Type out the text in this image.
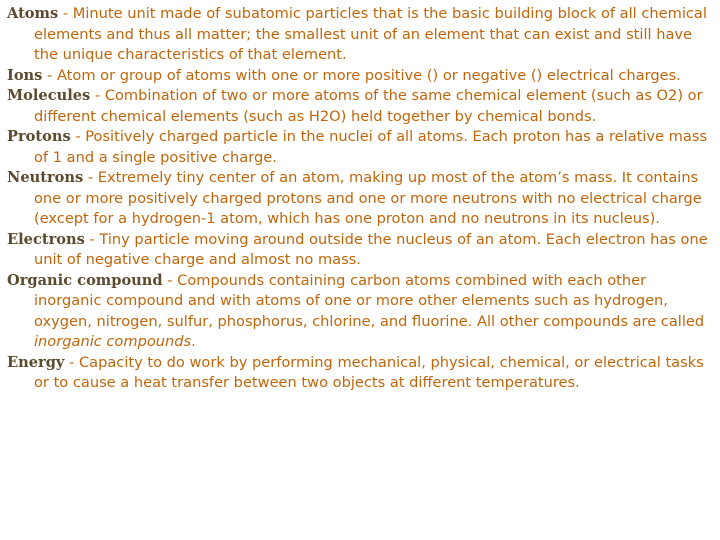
Atoms - Minute unit made of subatomic particles that is the basic building block of all chemical elements and thus all matter; the smallest unit of an element that can exist and still have the unique characteristics of that element.

Ions - Atom or group of atoms with one or more positive () or negative () electrical charges.

Molecules - Combination of two or more atoms of the same chemical element (such as O2) or different chemical elements (such as H2O) held together by chemical bonds.

Protons - Positively charged particle in the nuclei of all atoms. Each proton has a relative mass of 1 and a single positive charge.

Neutrons - Extremely tiny center of an atom, making up most of the atom’s mass. It contains one or more positively charged protons and one or more neutrons with no electrical charge (except for a hydrogen-1 atom, which has one proton and no neutrons in its nucleus).

Electrons - Tiny particle moving around outside the nucleus of an atom. Each electron has one unit of negative charge and almost no mass.

Organic compound - Compounds containing carbon atoms combined with each other inorganic compound and with atoms of one or more other elements such as hydrogen, oxygen, nitrogen, sulfur, phosphorus, chlorine, and fluorine. All other compounds are called inorganic compounds.

Energy - Capacity to do work by performing mechanical, physical, chemical, or electrical tasks or to cause a heat transfer between two objects at different temperatures.
